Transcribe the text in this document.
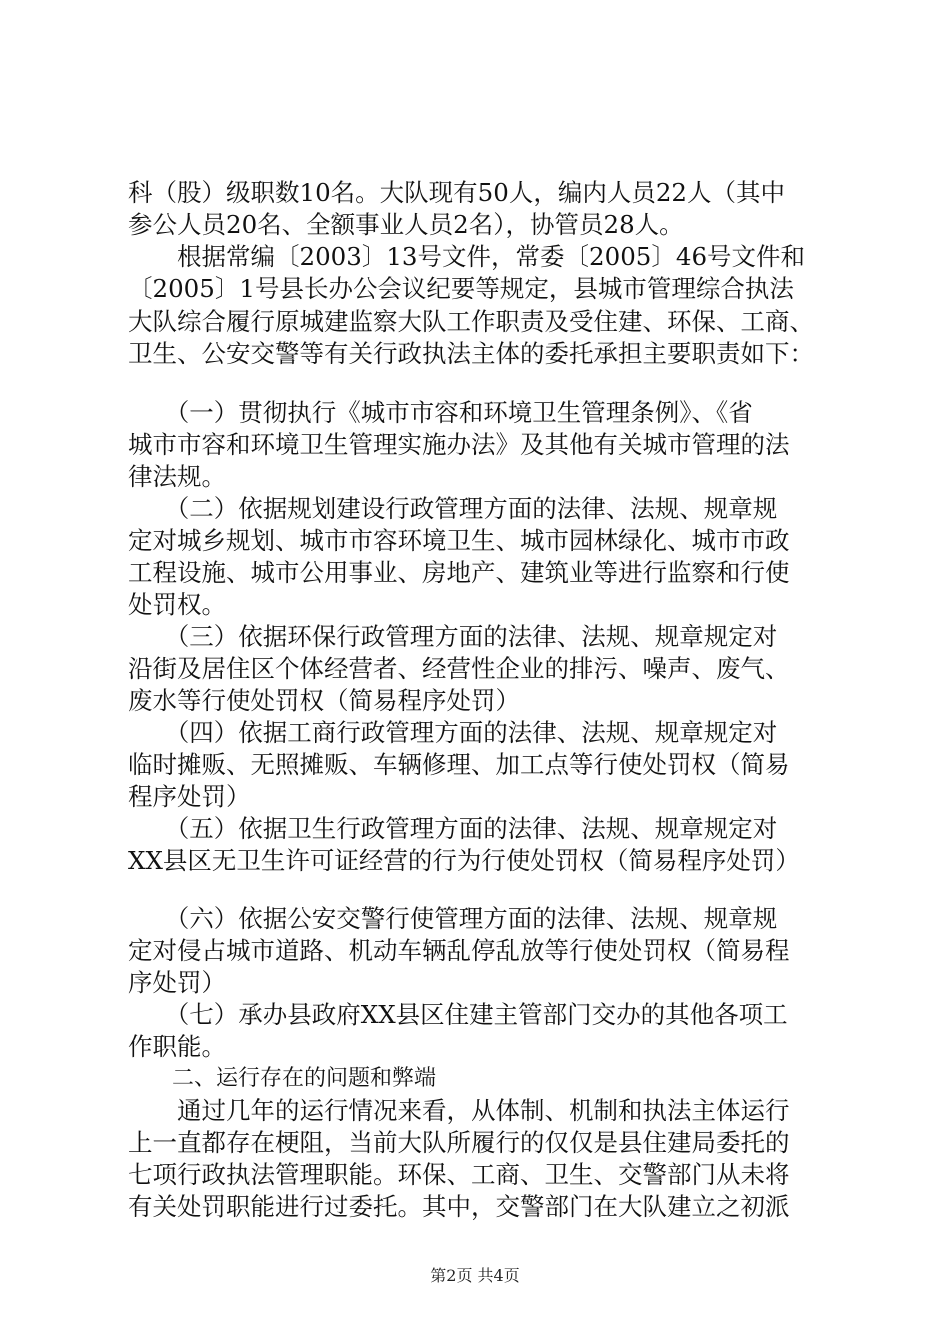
科（股）级职数10名。大队现有50人，编内人员22人（其中
参公人员20名、全额事业人员2名），协管员28人。
　　根据常编〔2003〕13号文件，常委〔2005〕46号文件和
〔2005〕1号县长办公会议纪要等规定，县城市管理综合执法
大队综合履行原城建监察大队工作职责及受住建、环保、工商、
卫生、公安交警等有关行政执法主体的委托承担主要职责如下：
　　（一）贯彻执行《城市市容和环境卫生管理条例》、《省
城市市容和环境卫生管理实施办法》及其他有关城市管理的法
律法规。
　　（二）依据规划建设行政管理方面的法律、法规、规章规
定对城乡规划、城市市容环境卫生、城市园林绿化、城市市政
工程设施、城市公用事业、房地产、建筑业等进行监察和行使
处罚权。
　　（三）依据环保行政管理方面的法律、法规、规章规定对
沿街及居住区个体经营者、经营性企业的排污、噪声、废气、
废水等行使处罚权（简易程序处罚）
　　（四）依据工商行政管理方面的法律、法规、规章规定对
临时摊贩、无照摊贩、车辆修理、加工点等行使处罚权（简易
程序处罚）
　　（五）依据卫生行政管理方面的法律、法规、规章规定对
XX县区无卫生许可证经营的行为行使处罚权（简易程序处罚）
　　（六）依据公安交警行使管理方面的法律、法规、规章规
定对侵占城市道路、机动车辆乱停乱放等行使处罚权（简易程
序处罚）
　　（七）承办县政府XX县区住建主管部门交办的其他各项工
作职能。
　　二、运行存在的问题和弊端
　　通过几年的运行情况来看，从体制、机制和执法主体运行
上一直都存在梗阻，当前大队所履行的仅仅是县住建局委托的
七项行政执法管理职能。环保、工商、卫生、交警部门从未将
有关处罚职能进行过委托。其中，交警部门在大队建立之初派
第2页 共4页
